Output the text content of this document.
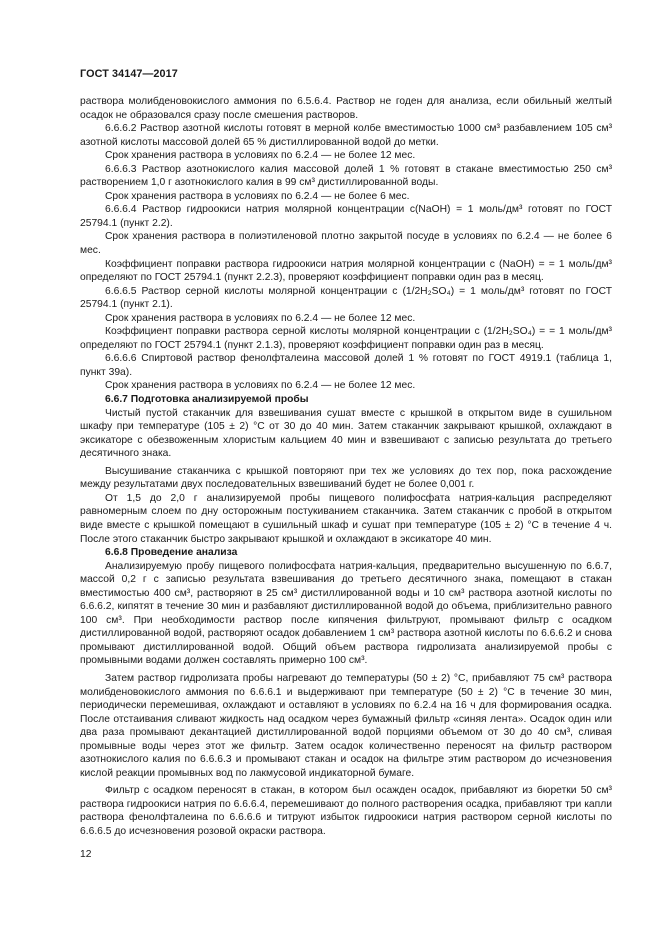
ГОСТ 34147—2017

раствора молибденовокислого аммония по 6.5.6.4. Раствор не годен для анализа, если обильный желтый осадок не образовался сразу после смешения растворов.

6.6.6.2 Раствор азотной кислоты готовят в мерной колбе вместимостью 1000 см³ разбавлением 105 см³ азотной кислоты массовой долей 65 % дистиллированной водой до метки.

Срок хранения раствора в условиях по 6.2.4 — не более 12 мес.

6.6.6.3 Раствор азотнокислого калия массовой долей 1 % готовят в стакане вместимостью 250 см³ растворением 1,0 г азотнокислого калия в 99 см³ дистиллированной воды.

Срок хранения раствора в условиях по 6.2.4 — не более 6 мес.

6.6.6.4 Раствор гидроокиси натрия молярной концентрации с(NaOH) = 1 моль/дм³ готовят по ГОСТ 25794.1 (пункт 2.2).

Срок хранения раствора в полиэтиленовой плотно закрытой посуде в условиях по 6.2.4 — не более 6 мес.

Коэффициент поправки раствора гидроокиси натрия молярной концентрации с (NaOH) = = 1 моль/дм³ определяют по ГОСТ 25794.1 (пункт 2.2.3), проверяют коэффициент поправки один раз в месяц.

6.6.6.5 Раствор серной кислоты молярной концентрации с (1/2H₂SO₄) = 1 моль/дм³ готовят по ГОСТ 25794.1 (пункт 2.1).

Срок хранения раствора в условиях по 6.2.4 — не более 12 мес.

Коэффициент поправки раствора серной кислоты молярной концентрации с (1/2H₂SO₄) = = 1 моль/дм³ определяют по ГОСТ 25794.1 (пункт 2.1.3), проверяют коэффициент поправки один раз в месяц.

6.6.6.6 Спиртовой раствор фенолфталеина массовой долей 1 % готовят по ГОСТ 4919.1 (таблица 1, пункт 39а).

Срок хранения раствора в условиях по 6.2.4 — не более 12 мес.

6.6.7 Подготовка анализируемой пробы

Чистый пустой стаканчик для взвешивания сушат вместе с крышкой в открытом виде в сушильном шкафу при температуре (105 ± 2) °С от 30 до 40 мин. Затем стаканчик закрывают крышкой, охлаждают в эксикаторе с обезвоженным хлористым кальцием 40 мин и взвешивают с записью результата до третьего десятичного знака.

Высушивание стаканчика с крышкой повторяют при тех же условиях до тех пор, пока расхождение между результатами двух последовательных взвешиваний будет не более 0,001 г.

От 1,5 до 2,0 г анализируемой пробы пищевого полифосфата натрия-кальция распределяют равномерным слоем по дну осторожным постукиванием стаканчика. Затем стаканчик с пробой в открытом виде вместе с крышкой помещают в сушильный шкаф и сушат при температуре (105 ± 2) °С в течение 4 ч. После этого стаканчик быстро закрывают крышкой и охлаждают в эксикаторе 40 мин.

6.6.8 Проведение анализа

Анализируемую пробу пищевого полифосфата натрия-кальция, предварительно высушенную по 6.6.7, массой 0,2 г с записью результата взвешивания до третьего десятичного знака, помещают в стакан вместимостью 400 см³, растворяют в 25 см³ дистиллированной воды и 10 см³ раствора азотной кислоты по 6.6.6.2, кипятят в течение 30 мин и разбавляют дистиллированной водой до объема, приблизительно равного 100 см³. При необходимости раствор после кипячения фильтруют, промывают фильтр с осадком дистиллированной водой, растворяют осадок добавлением 1 см³ раствора азотной кислоты по 6.6.6.2 и снова промывают дистиллированной водой. Общий объем раствора гидролизата анализируемой пробы с промывными водами должен составлять примерно 100 см³.

Затем раствор гидролизата пробы нагревают до температуры (50 ± 2) °С, прибавляют 75 см³ раствора молибденовокислого аммония по 6.6.6.1 и выдерживают при температуре (50 ± 2) °С в течение 30 мин, периодически перемешивая, охлаждают и оставляют в условиях по 6.2.4 на 16 ч для формирования осадка. После отстаивания сливают жидкость над осадком через бумажный фильтр «синяя лента». Осадок один или два раза промывают декантацией дистиллированной водой порциями объемом от 30 до 40 см³, сливая промывные воды через этот же фильтр. Затем осадок количественно переносят на фильтр раствором азотнокислого калия по 6.6.6.3 и промывают стакан и осадок на фильтре этим раствором до исчезновения кислой реакции промывных вод по лакмусовой индикаторной бумаге.

Фильтр с осадком переносят в стакан, в котором был осажден осадок, прибавляют из бюретки 50 см³ раствора гидроокиси натрия по 6.6.6.4, перемешивают до полного растворения осадка, прибавляют три капли раствора фенолфталеина по 6.6.6.6 и титруют избыток гидроокиси натрия раствором серной кислоты по 6.6.6.5 до исчезновения розовой окраски раствора.

12
